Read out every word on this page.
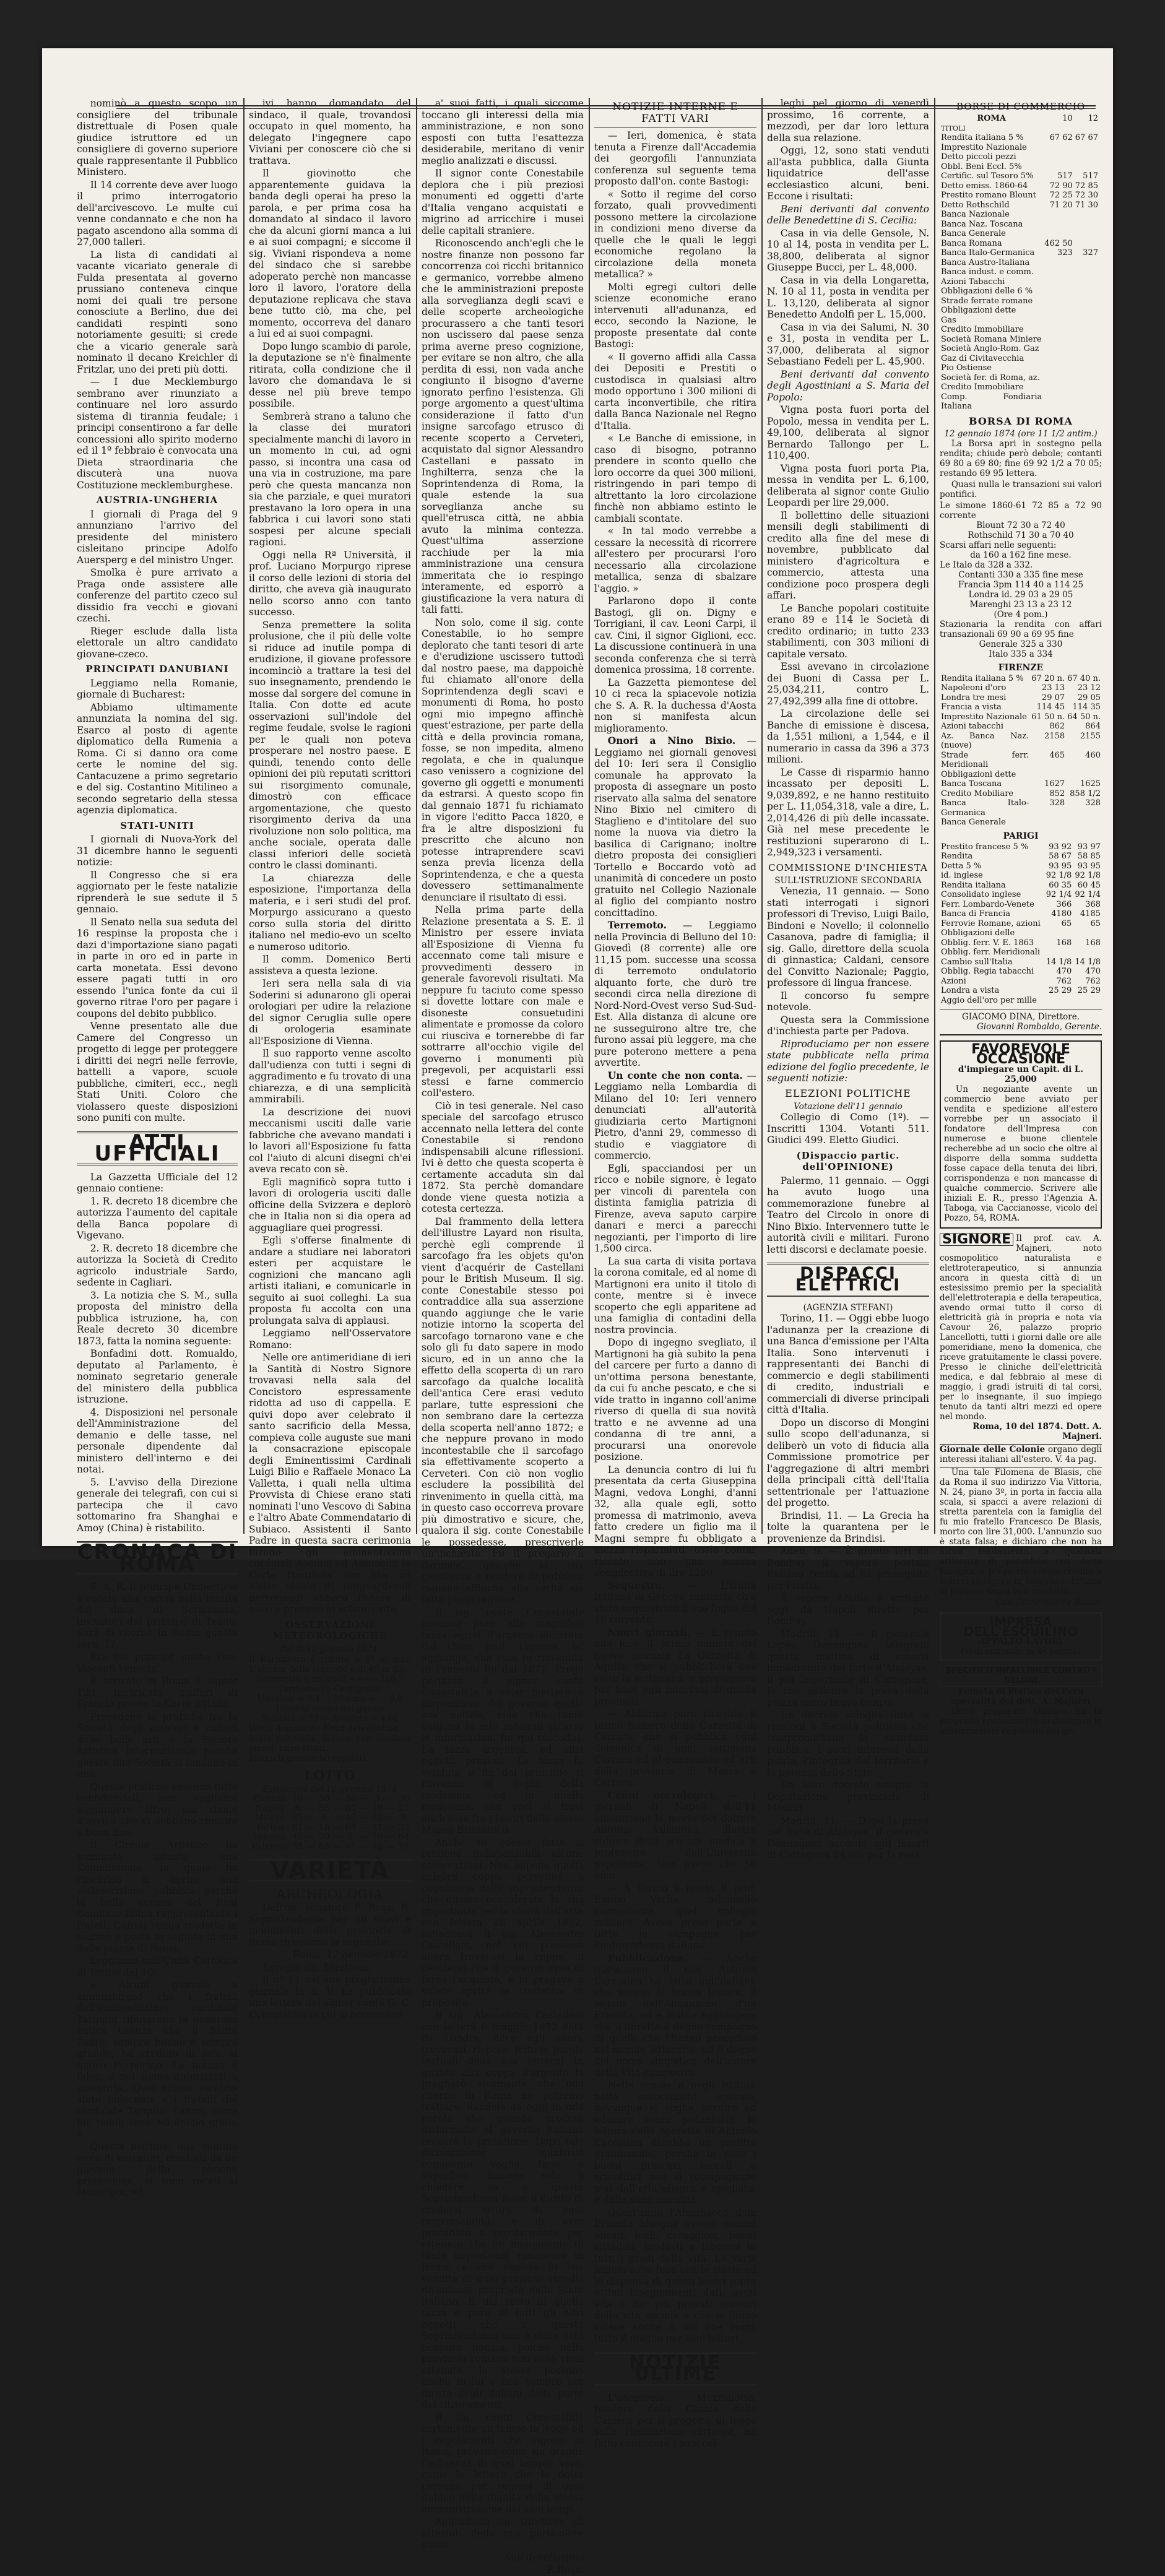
nominò a questo scopo un consigliere del tribunale distrettuale di Posen quale giudice istruttore ed un consigliere di governo superiore quale rappresentante il Pubblico Ministero.

Il 14 corrente deve aver luogo il primo interrogatorio dell'arcivescovo. Le multe cui venne condannato e che non ha pagato ascendono alla somma di 27,000 talleri.

La lista di candidati al vacante vicariato generale di Fulda presentata al governo prussiano conteneva cinque nomi dei quali tre persone conosciute a Berlino, due dei candidati respinti sono notoriamente gesuiti; si crede che a vicario generale sarà nominato il decano Kreichler di Fritzlar, uno dei preti più dotti.

— I due Mecklemburgo sembrano aver rinunziato a continuare nel loro assurdo sistema di tirannia feudale; i principi consentirono a far delle concessioni allo spirito moderno ed il 1º febbraio è convocata una Dieta straordinaria che discuterà una nuova Costituzione mecklemburghese.

AUSTRIA-UNGHERIA

I giornali di Praga del 9 annunziano l'arrivo del presidente del ministero cisleitano principe Adolfo Auersperg e del ministro Unger.

Smolka è pure arrivato a Praga onde assistere alle conferenze del partito czeco sul dissidio fra vecchi e giovani czechi.

Rieger esclude dalla lista elettorale un altro candidato giovane-czeco.

PRINCIPATI DANUBIANI

Leggiamo nella Romanie, giornale di Bucharest:

Abbiamo ultimamente annunziata la nomina del sig. Esarco al posto di agente diplomatico della Rumenia a Roma. Ci si danno ora come certe le nomine del sig. Cantacuzene a primo segretario e del sig. Costantino Mitilineo a secondo segretario della stessa agenzia diplomatica.

STATI-UNITI

I giornali di Nuova-York del 31 dicembre hanno le seguenti notizie:

Il Congresso che si era aggiornato per le feste natalizie riprenderà le sue sedute il 5 gennaio.

Il Senato nella sua seduta del 16 respinse la proposta che i dazi d'importazione siano pagati in parte in oro ed in parte in carta monetata. Essi devono essere pagati tutti in oro essendo l'unica fonte da cui il governo ritrae l'oro per pagare i coupons del debito pubblico.

Venne presentato alle due Camere del Congresso un progetto di legge per proteggere i diritti dei negri nelle ferrovie, battelli a vapore, scuole pubbliche, cimiteri, ecc., negli Stati Uniti. Coloro che violassero queste disposizioni sono puniti con multe.

ATTI UFFICIALI

La Gazzetta Ufficiale del 12 gennaio contiene:

1. R. decreto 18 dicembre che autorizza l'aumento del capitale della Banca popolare di Vigevano.

2. R. decreto 18 dicembre che autorizza la Società di Credito agricolo industriale Sardo, sedente in Cagliari.

3. La notizia che S. M., sulla proposta del ministro della pubblica istruzione, ha, con Reale decreto 30 dicembre 1873, fatta la nomina seguente:

Bonfadini dott. Romualdo, deputato al Parlamento, è nominato segretario generale del ministero della pubblica istruzione.

4. Disposizioni nel personale dell'Amministrazione del demanio e delle tasse, nel personale dipendente dal ministero dell'interno e dei notai.

5. L'avviso della Direzione generale dei telegrafi, con cui si partecipa che il cavo sottomarino fra Shanghai e Amoy (China) è ristabilito.

CRONACA DI ROMA

S. A. R. il principe Umberto si è recato alla caccia nella tenuta del duca di Sermoneta, invitatovi dal principe di Teano. Sarà di ritorno in Roma questa sera, 12.

Era col principe anche l'on. Visconti-Venosta.

È arrivato in Roma il signor Tibi, incaricato d'affari di Francia presso la Corte d'Italia.

Procedono le pratiche fra la Società degli amatori e cultori delle belle arti e la Società Artistica Internazionale perchè queste due Società si fondano in una.

Queste pratiche essendo tutte confidenziali, non vogliamo aggiungere altro; ma siamo d'avviso che vi debbano riuscire a buon fine.

Il Circolo Artistico ha nominato intanto una Commissione, la quale ha l'incarico di aprire una sottoscrizione pubblica perchè la bella corona del Real Comitato Roma rappresentante i fratelli Cairoli venga tradotta in marmo e posta in seguito in una delle piazze di Roma.

Leggiamo nell'Unità Cattolica di Torino del 10:

« Alcuni giornali a annunziarono che i fratelli dell'eminentissimo cardinale Tarquini rifiutarono la generosa antica usanza che il Santo Padre, sempre buono e sempre grande, ha creduto di fare al nuovo Porporato. La notizia è falsa, e noi siamo autorizzati a smentirla. Quel rifiuto sarebbe stato indecente e i fratelli del cardinale Tarquini hanno, come lui, nobili sensi ed animo grato. »

Questa mattina, una ventina circa di muratori, condotti da un giovane della sezione professione, si sono recati al Municipio, ed

ivi hanno domandato del sindaco, il quale, trovandosi occupato in quel momento, ha delegato l'ingegnere capo Viviani per conoscere ciò che si trattava.

Il giovinotto che apparentemente guidava la banda degli operai ha preso la parola, e per prima cosa ha domandato al sindaco il lavoro che da alcuni giorni manca a lui e ai suoi compagni; e siccome il sig. Viviani rispondeva a nome del sindaco che si sarebbe adoperato perchè non mancasse loro il lavoro, l'oratore della deputazione replicava che stava bene tutto ciò, ma che, pel momento, occorreva del danaro a lui ed ai suoi compagni.

Dopo lungo scambio di parole, la deputazione se n'è finalmente ritirata, colla condizione che il lavoro che domandava le si desse nel più breve tempo possibile.

Sembrerà strano a taluno che la classe dei muratori specialmente manchi di lavoro in un momento in cui, ad ogni passo, si incontra una casa od una via in costruzione, ma pare però che questa mancanza non sia che parziale, e quei muratori prestavano la loro opera in una fabbrica i cui lavori sono stati sospesi per alcune speciali ragioni.

Oggi nella Rª Università, il prof. Luciano Morpurgo riprese il corso delle lezioni di storia del diritto, che aveva già inaugurato nello scorso anno con tanto successo.

Senza premettere la solita prolusione, che il più delle volte si riduce ad inutile pompa di erudizione, il giovane professore incominciò a trattare la tesi del suo insegnamento, prendendo le mosse dal sorgere del comune in Italia. Con dotte ed acute osservazioni sull'indole del regime feudale, svolse le ragioni per le quali non poteva prosperare nel nostro paese. E quindi, tenendo conto delle opinioni dei più reputati scrittori sui risorgimento comunale, dimostrò con efficace argomentazione, che questo risorgimento deriva da una rivoluzione non solo politica, ma anche sociale, operata dalle classi inferiori delle società contro le classi dominanti.

La chiarezza delle esposizione, l'importanza della materia, e i seri studi del prof. Morpurgo assicurano a questo corso sulla storia del diritto italiano nel medio-evo un scelto e numeroso uditorio.

Il comm. Domenico Berti assisteva a questa lezione.

Ieri sera nella sala di via Soderini si adunarono gli operai orologiari per udire la relazione del signor Ceruglia sulle opere di orologeria esaminate all'Esposizione di Vienna.

Il suo rapporto venne ascolto dall'udienza con tutti i segni di aggradimento e fu trovato di una chiarezza, e di una semplicità ammirabili.

La descrizione dei nuovi meccanismi usciti dalle varie fabbriche che avevano mandati i lo lavori all'Esposizione fu fatta col l'aiuto di alcuni disegni ch'ei aveva recato con sè.

Egli magnificò sopra tutto i lavori di orologeria usciti dalle officine della Svizzera e deplorò che in Italia non si dia opera ad agguagliare quei progressi.

Egli s'offerse finalmente di andare a studiare nei laboratori esteri per acquistare le cognizioni che mancano agli artisti italiani, e comunicarle in seguito ai suoi colleghi. La sua proposta fu accolta con una prolungata salva di applausi.

Leggiamo nell'Osservatore Romano:

Nelle ore antimeridiane di ieri la Santità di Nostro Signore trovavasi nella sala del Concistoro espressamente ridotta ad uso di cappella. E quivi dopo aver celebrato il santo sacrificio della Messa, compieva colle auguste sue mani la consacrazione episcopale degli Eminentissimi Cardinali Luigi Bilio e Raffaele Monaco La Valletta, i quali nella ultima Provvista di Chiese erano stati nominati l'uno Vescovo di Sabina e l'altro Abate Commendatario di Subiaco. Assistenti il Santo Padre in questa sacra cerimonia furono gli eminentissimi cardinali Asquini ed Antonelli; la Corte Pontificia non che un eletto stuolo di ragguardevoli personaggi ebbero l'onore di essere presenti al solenne rito.

OSSERVAZIONI METEOROLOGICHE
del di 11 gennaio 1874.
Il Barometro è ridotto a 0º al mar. L'altezza della stazione è di 49,m 65:
Barometro a mezzodi ==== 766,7
Termometro Centigrado
Massimo = 9,4 — Minimo = — 0,0
Umidità media del giorno
Relativa = 73 — Assoluta = 4,06
Vento dominante Nord debolissimo.
Stato del cielo. Sereno con continui piccoli cirro-strati.
Magneti pressochè regolari.
LOTTO
Estrazione del 10 gennaio 1874
Firenze	10	—	50	—	36	—	3	—	30
Napoli	6	—	55	—	85	—	19	—	27
Milano	85	—	8	—	40	—	22	—	8
Torino	81	—	18	—	68	—	31	—	23
Venezia	43	—	70	—	5	—	76	—	64
Palermo	38	—	65	—	41	—	42	—	78
VARIETÀ
ARCHEOLOGIA

Dall'on. senatore F. Rosa, R. Soprintendente per gli scavi e monumenti della provincia di Roma riceviamo la seguente:

Roma, 12 gennaio 1873.

Egregio sig. Direttore,

Il nº 11 del suo pregiatissimo giornale la S. V. ha pubblicato una lettera del signor conte G. C. Conestabile in cui si accennano

a' suoi fatti, i quali siccome toccano gli interessi della mia amministrazione, e non sono esposti con tutta l'esattezza desiderabile, meritano di venir meglio analizzati e discussi.

Il signor conte Conestabile deplora che i più preziosi monumenti ed oggetti d'arte d'Italia vengano acquistati e migrino ad arricchire i musei delle capitali straniere.

Riconoscendo anch'egli che le nostre finanze non possono far concorrenza coi ricchi britannico e germanico, vorrebbe almeno che le amministrazioni preposte alla sorveglianza degli scavi e delle scoperte archeologiche procurassero a che tanti tesori non uscissero dal paese senza prima averne preso cognizione, per evitare se non altro, che alla perdita di essi, non vada anche congiunto il bisogno d'averne ignorato perfino l'esistenza. Gli porge argomento a quest'ultima considerazione il fatto d'un insigne sarcofago etrusco di recente scoperto a Cerveteri, acquistato dal signor Alessandro Castellani e passato in Inghilterra, senza che la Soprintendenza di Roma, la quale estende la sua sorveglianza anche su quell'etrusca città, ne abbia avuto la minima contezza. Quest'ultima asserzione racchiude per la mia amministrazione una censura immeritata che io respingo interamente, ed esporrò a giustificazione la vera natura di tali fatti.

Non solo, come il sig. conte Conestabile, io ho sempre deplorato che tanti tesori di arte e d'erudizione uscissero tuttodì dal nostro paese, ma dappoichè fui chiamato all'onore della Soprintendenza degli scavi e monumenti di Roma, ho posto ogni mio impegno affinchè quest'estrazione, per parte della città e della provincia romana, fosse, se non impedita, almeno regolata, e che in qualunque caso venissero a cognizione del governo gli oggetti e monumenti da estrarsi. A questo scopo fin dal gennaio 1871 fu richiamato in vigore l'editto Pacca 1820, e fra le altre disposizioni fu prescritto che alcuno non potesse intraprendere scavi senza previa licenza della Soprintendenza, e che a questa dovessero settimanalmente denunciare il risultato di essi.

Nella prima parte della Relazione presentata a S. E. il Ministro per essere inviata all'Esposizione di Vienna fu accennato come tali misure e provvedimenti dessero in generale favorevoli risultati. Ma neppure fu taciuto come spesso si dovette lottare con male e disoneste consuetudini alimentate e promosse da coloro cui riusciva e tornerebbe di far sottrarre all'occhio vigile del governo i monumenti più pregevoli, per acquistarli essi stessi e farne commercio coll'estero.

Ciò in tesi generale. Nel caso speciale del sarcofago etrusco accennato nella lettera del conte Conestabile si rendono indispensabili alcune riflessioni. Ivi è detto che questa scoperta è certamente accaduta sin dal 1872. Sta perchè domandare donde viene questa notizia a cotesta certezza.

Dal frammento della lettera dell'illustre Layard non risulta, perchè egli comprende il sarcofago fra les objets qu'on vient d'acquérir de Castellani pour le British Museum. Il sig. conte Conestabile stesso poi contraddice alla sua asserzione quando aggiunge che le varie notizie intorno la scoperta del sarcofago tornarono vane e che solo gli fu dato sapere in modo sicuro, ed in un anno che la effetto della scoperta di un raro sarcofago da qualche località dell'antica Cere erasi veduto parlare, tutte espressioni che non sembrano dare la certezza della scoperta nell'anno 1872; e che neppure provano in modo incontestabile che il sarcofago sia effettivamente scoperto a Cerveteri. Con ciò non voglio escludere la possibilità del rinvenimento in quella città, ma in questo caso occorreva provare più dimostrativo e sicure, che, qualora il sig. conte Conestabile le possedesse, prescriverle un'inchiesta. Fu il pregarlo a darmele, giacchè la sua gentilezza a rendere di pubblica ragione affinchè alla verità sia fatta piena ragione.

Il sig. conte Conestabile accenna pure alla magnifica tazza egizia d'argento illustrata dal chiar. prof. Lignana, ed aggiunge, che essa fu rinvenuta in Preneste fin dal 1871. Prego pertanto il signor conte Conestabile a voler mettere a disposizione del governo quelle sue notizie, cioè che tanto valgono le mie indagini (scarse le informazioni fin qui raccolte). La tazza argentea, ed altri oggetti preziosi. La tazza fu venduta e fin dal principio si rinvenne la copia della medesima, ed in quella medesima, che veci si trovi anch'essa fra i tesori dello stesso Museo Britannico.

Anche su questo fatto si rendono indispensabili alcune osservazioni. Non appena quella celebre coppa pervenne a cognizione della soprintendenza che questa considerata la sua importanza per la storia dell'arte con lettera 26 aprile 1872, sollecitava il sig. Alessandro Castellani, nel cui possesso allora trovavasi la coppa, il desiderio che il governo avea di farne l'acquisto, e lo pregava a volere aprire le trattative in proposito.

Il sig. Alessandro Castellani con lettera 6 maggio 1872 data da Londra, dove egli allora trovavasi, rispose: (cito le parole testuali della sua lettera) In quanto alla coppa d'argento la pregherò vivamente che mio ritorno in Roma ne potremo trattare, dandole da oggi in mia parola che quando crederò disfarmene al governo italiano ne sarà la prelazione. Dopo tale dichiarazione qualsiasi commento voglia farsi è superfluo. Rimane solo a chiedere se a questa Soprintendenza fosse il diritto di credersi sicura di ogni responsabilità, e di aver proceduto a regolarmente per ottenere che un monumento di tanta importanza rimanesse in Roma, e che venisse di sua vendita di quel prezioso cimelio diventasse proprietà dello Stato italiano. E del resto di quella tazza e pure di tutti gli altri oggetti che a questa Soprintendenza non è stata data neppure notizia, poichè nella provincia romana non sono vieni ottenute, lo stesso possono anche in lui e non sempre per diritto degli italiani della parte dei ritrovamenti.

Il sig. conte Conestabile certamente un tempo la legge ed i regolamenti che vigono in Roma, provano come sia grande l'influenza di quel tempio vero, come le lettere che la dotta persona per ragioni di ogni dubbio della dignità della stessa amministrazione dai suoi tempi.

Aggradisca sig. Direttore gli attestati della mia particolare stima

Suo devotissimo

P. Rosa.

NOTIZIE INTERNE E FATTI VARI

— Ieri, domenica, è stata tenuta a Firenze dall'Accademia dei georgofili l'annunziata conferenza sul seguente tema proposto dall'on. conte Bastogi:

« Sotto il regime del corso forzato, quali provvedimenti possono mettere la circolazione in condizioni meno diverse da quelle che le quali le leggi economiche regolano la circolazione della moneta metallica? »

Molti egregi cultori delle scienze economiche erano intervenuti all'adunanza, ed ecco, secondo la Nazione, le proposte presentate dal conte Bastogi:

« Il governo affidi alla Cassa dei Depositi e Prestiti o custodisca in qualsiasi altro modo opportuno i 300 milioni di carta inconvertibile, che ritira dalla Banca Nazionale nel Regno d'Italia.

« Le Banche di emissione, in caso di bisogno, potranno prendere in sconto quello che loro occorre da quei 300 milioni, ristringendo in pari tempo di altrettanto la loro circolazione finchè non abbiamo estinto le cambiali scontate.

« In tal modo verrebbe a cessare la necessità di ricorrere all'estero per procurarsi l'oro necessario alla circolazione metallica, senza di sbalzare l'aggio. »

Parlarono dopo il conte Bastogi, gli on. Digny e Torrigiani, il cav. Leoni Carpi, il cav. Cini, il signor Giglioni, ecc. La discussione continuerà in una seconda conferenza che si terrà domenica prossima, 18 corrente.

La Gazzetta piemontese del 10 ci reca la spiacevole notizia che S. A. R. la duchessa d'Aosta non si manifesta alcun miglioramento.

Onori a Nino Bixio. — Leggiamo nei giornali genovesi del 10: Ieri sera il Consiglio comunale ha approvato la proposta di assegnare un posto riservato alla salma del senatore Nino Bixio nel cimitero di Staglieno e d'intitolare del suo nome la nuova via dietro la basilica di Carignano; inoltre dietro proposta dei consiglieri Tortello e Boccardo votò ad unanimità di concedere un posto gratuito nel Collegio Nazionale al figlio del compianto nostro concittadino.

Terremoto. — Leggiamo nella Provincia di Belluno del 10: Giovedì (8 corrente) alle ore 11,15 pom. successe una scossa di terremoto ondulatorio alquanto forte, che durò tre secondi circa nella direzione di Nord-Nord-Ovest verso Sud-Sud-Est. Alla distanza di alcune ore ne susseguirono altre tre, che furono assai più leggere, ma che pure poterono mettere a pena avvertite.

Un conte che non conta. — Leggiamo nella Lombardia di Milano del 10: Ieri vennero denunciati all'autorità giudiziaria certo Martignoni Pietro, d'anni 29, commesso di studio e viaggiatore di commercio.

Egli, spacciandosi per un ricco e nobile signore, è legato per vincoli di parentela con distinta famiglia patrizia di Firenze, aveva saputo carpire danari e merci a parecchi negozianti, per l'importo di lire 1,500 circa.

La sua carta di visita portava la corona comitale, ed al nome di Martignoni era unito il titolo di conte, mentre si è invece scoperto che egli apparitene ad una famiglia di contadini della nostra provincia.

Dopo di ingegno svegliato, il Martignoni ha già subito la pena del carcere per furto a danno di un'ottima persona benestante, da cui fu anche pescato, e che si vide tratto in inganno coll'anime riverso di quella di sua novità tratto e ne avvenne ad una condanna di tre anni, a procurarsi una onorevole posizione.

La denuncia contro di lui fu presentata da certa Giuseppina Magni, vedova Longhi, d'anni 32, alla quale egli, sotto promessa di matrimonio, aveva fatto credere un figlio ma il Magni sempre fu obbligato a mezza risparmiati, ossia contar riconto non una somma complessiva di lire 1200.

Sequestro. — L'Unità Italiana di Genova annunzia ch'è stato sequestrato il suo foglio del 10 corrente.

Nuovi giornali. — È venuto alla luce il primo numero del nuovo giornale La Gazzetta di Aquila, che si pubblicherà due volte la settimana, e propugnerà per base egli interessi di quella provincia.

— Abbiamo pure ricevuto il primo numero della Gazzetta di Carrara, che si pubblica ogni domenica di ogni settimana Carrara ed al commercio ed arti della provincia di Massa e Carrara.

Cenni necrologici. — I giornali di Napoli dell'11 annunziano la morte del dottore Antonio Villanova, illustre cultore della scienza medica e professore dell'Università napolitana. Non aveva che 56 anni.

— A Torino è morto il prof. Emilio Vacha, colonnello comandante quel collegio militare. Aveva preso parte a tutte le campagne per l'indipendenza italiana.

Pubblicazione. — Anche quest'anno il cav. Antonio Cacciaina ha fatto agli'italiani, che amano la buona lettura, il regalo dell'Almanacco d'un Eremita, ed è inutile aggiungere che il libretto è degno compagno di quelli che l'hanno preceduto nel mondo letterario, ed è degno del nome simpatico dell'autore della Vita campestre.

Nelle scuole e negli istituti, nelle associazioni operaie, dovunque si voglia istruire ed educare senza pedanteria, la lettura delle operette di Antonio Cacciaina darebbe un profitto grandissimo, perchè in esse i buoni principii morali e scientifici non si scompagnano mai dall'aria allegra e spigliata, e dalla sana moralità.

Quest'anno l'Almanacco d'un Eremita bisogna essere uomini onesti, leali, coraggiosi, buoni cittadini, modesti a laborosi in tutti i gradi della vita. Le varie lezioni sono fuse con le storie ed le dispensa di questi lavori sopra ottimi insegnamenti dati, avuti vita e dai più provati maestri della vita sociale e che le fanno valere anche a noi che vorrà tutto il meglio per suoi lettori.

NOTIZIE ULTIME

L'onorevole Mezzanotte, relatore della Giunta della Camera per il progetto di legge sulla circolazione cartacea, ha fatto convocare i suoi col-

leghi pel giorno di venerdì prossimo, 16 corrente, a mezzodì, per dar loro lettura della sua relazione.

Oggi, 12, sono stati venduti all'asta pubblica, dalla Giunta liquidatrice dell'asse ecclesiastico alcuni, beni. Eccone i risultati:

Beni derivanti dal convento delle Benedettine di S. Cecilia:

Casa in via delle Gensole, N. 10 al 14, posta in vendita per L. 38,800, deliberata al signor Giuseppe Bucci, per L. 48,000.

Casa in via della Longaretta, N. 10 al 11, posta in vendita per L. 13,120, deliberata al signor Benedetto Andolfi per L. 15,000.

Casa in via dei Salumi, N. 30 e 31, posta in vendita per L. 37,000, deliberata al signor Sebastiano Fedeli per L. 45,900.

Beni derivanti dal convento degli Agostiniani a S. Maria del Popolo:

Vigna posta fuori porta del Popolo, messa in vendita per L. 49,100, deliberata al signor Bernardo Tallongo per L. 110,400.

Vigna posta fuori porta Pia, messa in vendita per L. 6,100, deliberata al signor conte Giulio Leopardi per lire 29,000.

Il bollettino delle situazioni mensili degli stabilimenti di credito alla fine del mese di novembre, pubblicato dal ministero d'agricoltura e commercio, attesta una condizione poco prospera degli affari.

Le Banche popolari costituite erano 89 e 114 le Società di credito ordinario; in tutto 233 stabilimenti, con 303 milioni di capitale versato.

Essi avevano in circolazione dei Buoni di Cassa per L. 25,034,211, contro L. 27,492,399 alla fine di ottobre.

La circolazione delle sei Banche di emissione è discesa, da 1,551 milioni, a 1,544, e il numerario in cassa da 396 a 373 milioni.

Le Casse di risparmio hanno incassato per depositi L. 9,039,892, e ne hanno restituito per L. 11,054,318, vale a dire, L. 2,014,426 di più delle incassate. Già nel mese precedente le restituzioni superarono di L. 2,949,323 i versamenti.

COMMISSIONE D'INCHIESTA
SULL'ISTRUZIONE SECONDARIA

Venezia, 11 gennaio. — Sono stati interrogati i signori professori di Treviso, Luigi Bailo, Bindoni e Novello; il colonnello Casanova, padre di famiglia; il sig. Gallo, direttore della scuola di ginnastica; Caldani, censore del Convitto Nazionale; Paggio, professore di lingua francese.

Il concorso fu sempre notevole.

Questa sera la Commissione d'inchiesta parte per Padova.

Riproduciamo per non essere state pubblicate nella prima edizione del foglio precedente, le seguenti notizie:

ELEZIONI POLITICHE
Votazione dell'11 gennaio

Collegio di Como (1º). — Inscritti 1304. Votanti 511. Giudici 499. Eletto Giudici.

(Dispaccio partic. dell'OPINIONE)

Palermo, 11 gennaio. — Oggi ha avuto luogo una commemorazione funebre al Teatro del Circolo in onore di Nino Bixio. Intervennero tutte le autorità civili e militari. Furono letti discorsi e declamate poesie.

DISPACCI ELETTRICI
(AGENZIA STEFANI)

Torino, 11. — Oggi ebbe luogo l'adunanza per la creazione di una Banca d'emissione per l'Alta Italia. Sono intervenuti i rappresentanti dei Banchi di commercio e degli stabilimenti di credito, industriali e commerciali di diverse principali città d'Italia.

Dopo un discorso di Mongini sullo scopo dell'adunanza, si deliberò un voto di fiducia alla Commissione promotrice per l'aggregazione di altri membri della principali città dell'Italia settentrionale per l'attuazione del progetto.

Brindisi, 11. — La Grecia ha tolte la quarantena per le provenienze da Brindisi.

Aden, 9. — È giunto ieri da Bombay il vapore postale italiano Persia ed ha proseguito per l'Italia.

Il vapore Arabia è arrivato oggi da Napoli diretto per Bombay.

Madrid, 11. — Il generale Lopez Dominguez telegrafò questa mattina di essersi impadronito del forte d'Atalayas, il più importante di Cartagena, lo che assicura la presa della piazza entro breve tempo.

Un decreto scioglie tutte le riunioni e Società politiche che compromettano la sicurezza pubblica, i sacri interessi della patria, l'integrità del territorio e la potenza dello Stato.

Un altro decreto scioglie la Deputazione provinciale di Madrid.

Madrid, 11. — Dopo la presa del forte di Atalayas, il generale Dominguez accordò agli insorti di Cartagena 24 ore per la resa.

BORSE DI COMMERCIO
ROMA	10	12	
TITOLI			
Rendita italiana 5 %	67 62	67 67	
Imprestito Nazionale			
Detto piccoli pezzi			
Obbl. Beni Eccl. 5%			
Certific. sul Tesoro 5%	517	517	
Detto emiss. 1860-64	72 90	72 85	
Prestito romano Blount	72 25	72 30	
Detto Rothschild	71 20	71 30	
Banca Nazionale			
Banca Naz. Toscana			
Banca Generale			
Banca Romana	462 50		
Banca Italo-Germanica	323	327	
Banca Austro-Italiana			
Banca indust. e comm.			
Azioni Tabacchi			
Obbligazioni delle 6 %			
Strade ferrate romane			
Obbligazioni dette			
Gas			
Credito Immobiliare			
Società Romana Miniere			
Società Anglo-Rom. Gaz			
Gaz di Civitavecchia			
Pio Ostiense			
Società fer. di Roma, az.			
Credito Immobiliare			
Comp. Fondiaria Italiana			
BORSA DI ROMA
12 gennaio 1874 (ore 11 1/2 antim.)

La Borsa apri in sostegno pella rendita; chiude però debole; contanti 69 80 a 69 80; fine 69 92 1/2 a 70 05; restando 69 95 lettera.

Quasi nulla le transazioni sui valori pontifici.

Le simone 1860-61 72 85 a 72 90 corrente
Blount 72 30 a 72 40
Rothschild 71 30 a 70 40
Scarsi affari nelle seguenti:
da 160 a 162 fine mese.
Le Italo da 328 a 332.
Contanti 330 a 335 fine mese
Francia 3pm 114 40 a 114 25
Londra id. 29 03 a 29 05
Marenghi 23 13 a 23 12
(Ore 4 pom.)
Stazionaria la rendita con affari transazionali 69 90 a 69 95 fine
Generale 325 a 330
Italo 335 a 334
FIRENZE
Rendita italiana 5 %	67 20 n.	67 40 n.
Napoleoni d'oro	23 13	23 12
Londra tre mesi	29 07	29 05
Francia a vista	114 45	114 35
Imprestito Nazionale	61 50 n.	64 50 n.
Azioni tabacchi	862	864
Az. Banca Naz. (nuove)	2158	2155
Strade ferr. Meridionali	465	460
Obbligazioni dette		
Banca Toscana	1627	1625
Credito Mobiliare	852	858 1/2
Banca Italo-Germanica	328	328
Banca Generale		
PARIGI
Prestito francese 5 %	93 92	93 97
Rendita	58 67	58 85
Detta 5 %	93 95	93 95
id. inglese	92 1/8	92 1/8
Rendita italiana	60 35	60 45
Consolidato inglese	92 1/4	92 1/4
Ferr. Lombardo-Venete	366	368
Banca di Francia	4180	4185
Ferrovie Romane, azioni	65	65
Obbligazioni delle		
Obblig. ferr. V. E. 1863	168	168
Obblig. ferr. Meridionali		
Cambio sull'Italia	14 1/8	14 1/8
Obblig. Regia tabacchi	470	470
Azioni	762	762
Londra a vista	25 29	25 29
Aggio dell'oro per mille		
GIACOMO DINA, Direttore.
Giovanni Rombaldo, Gerente.
FAVOREVOLE OCCASIONE
d'impiegare un Capit. di L. 25,000

Un negoziante avente un commercio bene avviato per vendita e spedizione all'estero vorrebbe per un associato il fondatore dell'Impresa con numerose e buone clientele recherebbe ad un socio che oltre al disporre della somma suddetta fosse capace della tenuta dei libri, corrispondenza e non mancasse di qualche commercio. Scrivere alle iniziali E. R., presso l'Agenzia A. Taboga, via Caccianosse, vicolo del Pozzo, 54, ROMA.

SIGNORE Il prof. cav. A. Majneri, noto cosmopolitico naturalista e elettroterapeutico, si annunzia ancora in questa città di un estesissimo premio per la specialità dell'elettroterapia e della terapeutica, avendo ormai tutto il corso di elettricità già in propria e nota via Cavour 26, palazzo proprio Lancellotti, tutti i giorni dalle ore alle pomeridiane, meno la domenica, che riceve gratuitamente le classi povere. Presso le cliniche dell'elettricità medica, e dal febbraio al mese di maggio, i gradi istruiti di tal corsi, per lo insegnante, il suo impiego tenuto da tanti altri mezzi ed opere nel mondo.
Roma, 10 del 1874. Dott. A. Majneri.
Giornale delle Colonie organo degli interessi italiani all'estero. V. 4a pag.

Una tale Filomena de Blasis, che da Roma il suo indirizzo Via Vittoria, N. 24, piano 3º, in porta in faccia alla scala, si spacci a avere relazioni di stretta parentela con la famiglia del fu mio fratello Francesco De Blasis, morto con lire 31,000. L'annunzio suo è stata falsa; e dichiaro che non ha alcun fondamento a qualsiasi attinenza di parentela con detta famiglia, e prego chi avesse credito a volersi rivolgere in tale caso. Intanto la persona sapra ben condotta.

Cav. Domenico de Blasis.
IMPRESA DELL'ESQUILINO
APPALTO-LAVORI
(Vedi annunzio in 4ª pagina)
SPECIFICO INFALLIBILE CONTRO I GELONI
Pomata di Platina del Perù
specialità del dott. A. Majneri

Detto preparato chimico ha la proprietà specialmente di dissipare le infiammazioni cagionate dai ge-
